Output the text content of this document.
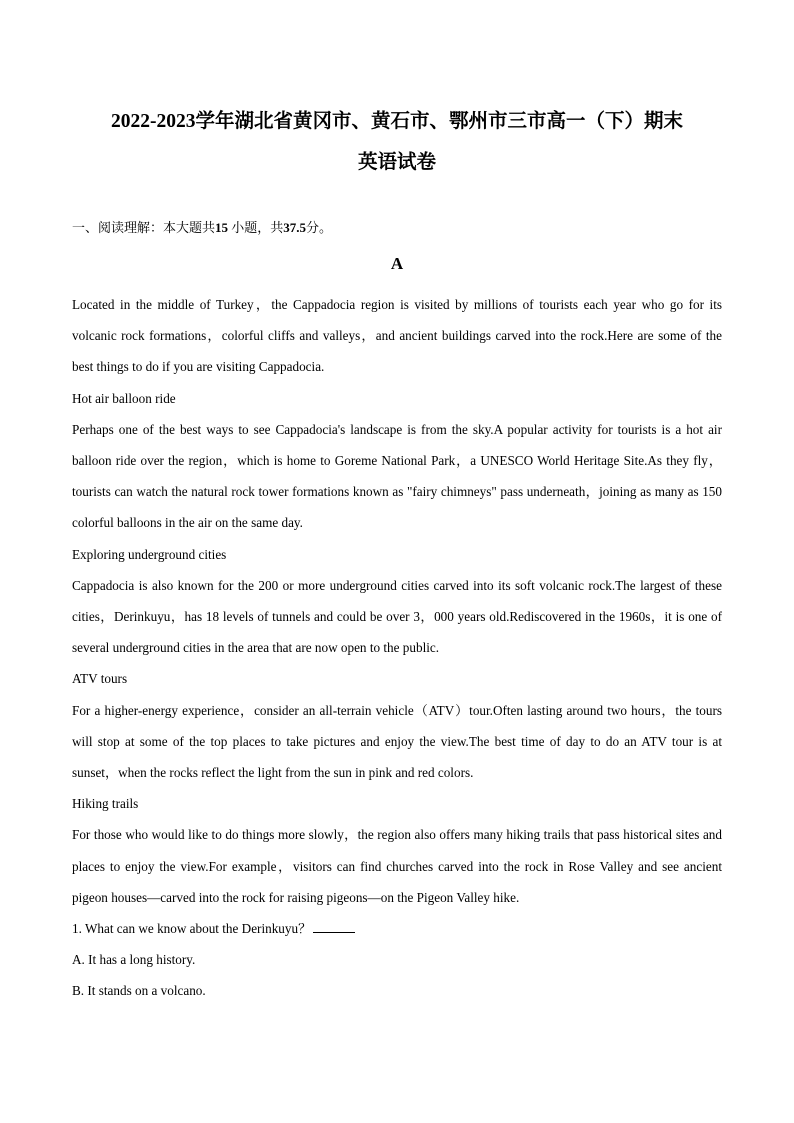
2022-2023学年湖北省黄冈市、黄石市、鄂州市三市高一（下）期末
英语试卷
一、阅读理解：本大题共15 小题，共37.5分。
A

Located in the middle of Turkey，the Cappadocia region is visited by millions of tourists each year who go for its volcanic rock formations，colorful cliffs and valleys，and ancient buildings carved into the rock.Here are some of the best things to do if you are visiting Cappadocia.

Hot air balloon ride

Perhaps one of the best ways to see Cappadocia's landscape is from the sky.A popular activity for tourists is a hot air balloon ride over the region，which is home to Goreme National Park，a UNESCO World Heritage Site.As they fly，tourists can watch the natural rock tower formations known as "fairy chimneys" pass underneath，joining as many as 150 colorful balloons in the air on the same day.

Exploring underground cities

Cappadocia is also known for the 200 or more underground cities carved into its soft volcanic rock.The largest of these cities，Derinkuyu，has 18 levels of tunnels and could be over 3，000 years old.Rediscovered in the 1960s，it is one of several underground cities in the area that are now open to the public.

ATV tours

For a higher-energy experience，consider an all-terrain vehicle（ATV）tour.Often lasting around two hours，the tours will stop at some of the top places to take pictures and enjoy the view.The best time of day to do an ATV tour is at sunset，when the rocks reflect the light from the sun in pink and red colors.

Hiking trails

For those who would like to do things more slowly，the region also offers many hiking trails that pass historical sites and places to enjoy the view.For example，visitors can find churches carved into the rock in Rose Valley and see ancient pigeon houses—carved into the rock for raising pigeons—on the Pigeon Valley hike.

1. What can we know about the Derinkuyu？
A. It has a long history.
B. It stands on a volcano.
